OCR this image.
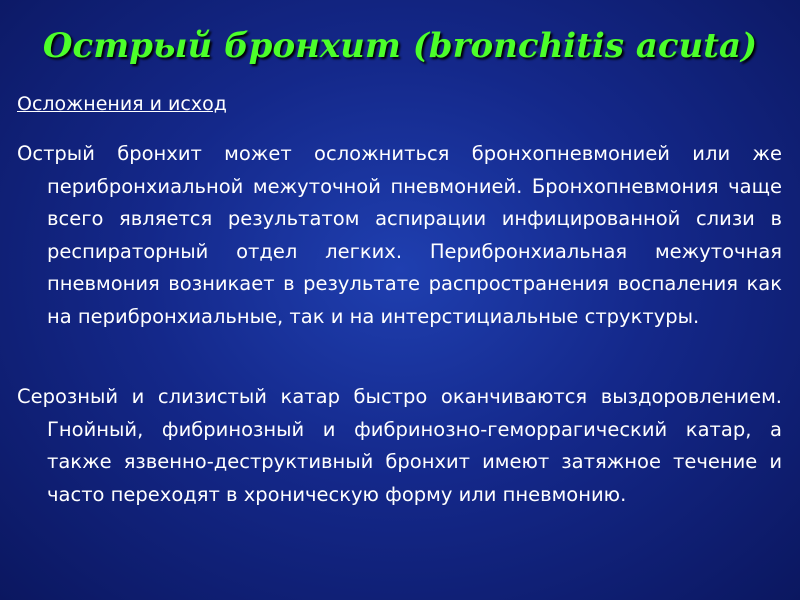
Острый бронхит (bronchitis acuta)

Осложнения и исход

Острый бронхит может осложниться бронхопневмонией или же перибронхиальной межуточной пневмонией. Бронхопневмония чаще всего является результатом аспирации инфицированной слизи в респираторный отдел легких. Перибронхиальная межуточная пневмония возникает в результате распространения воспаления как на перибронхиальные, так и на интерстициальные структуры.

Серозный и слизистый катар быстро оканчиваются выздоровлением. Гнойный, фибринозный и фибринозно-геморрагический катар, а также язвенно-деструктивный бронхит имеют затяжное течение и часто переходят в хроническую форму или пневмонию.
